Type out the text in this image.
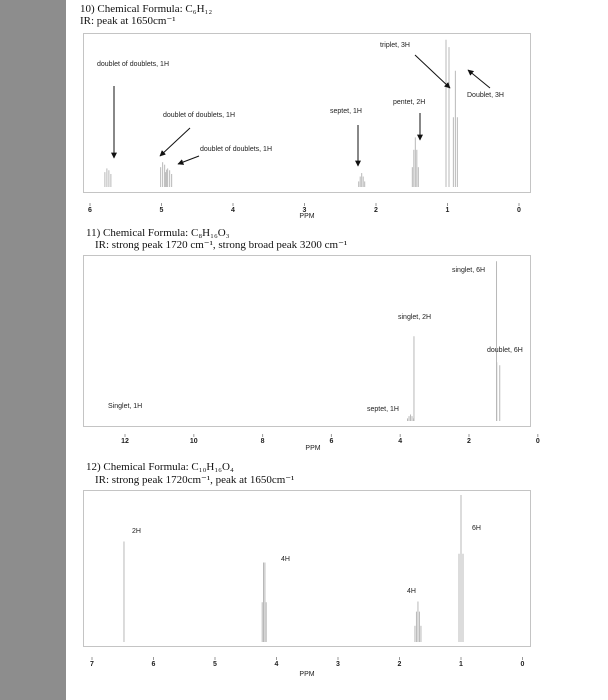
10) Chemical Formula: C₆H₁₂
IR: peak at 1650cm⁻¹
6	5	4	3	2	1	0
PPM
doublet of doublets, 1H
doublet of doublets, 1H
doublet of doublets, 1H
septet, 1H
pentet, 2H
triplet, 3H
Doublet, 3H
11) Chemical Formula: C₈H₁₆O₃
IR: strong peak 1720 cm⁻¹, strong broad peak 3200 cm⁻¹
12	10	8	6	4	2	0
PPM
Singlet, 1H	septet, 1H
singlet, 2H
singlet, 6H
doublet, 6H
12) Chemical Formula: C₁₀H₁₆O₄
IR: strong peak 1720cm⁻¹, peak at 1650cm⁻¹
7	6	5	4	3	2	1	0
PPM
2H
4H
4H
6H
